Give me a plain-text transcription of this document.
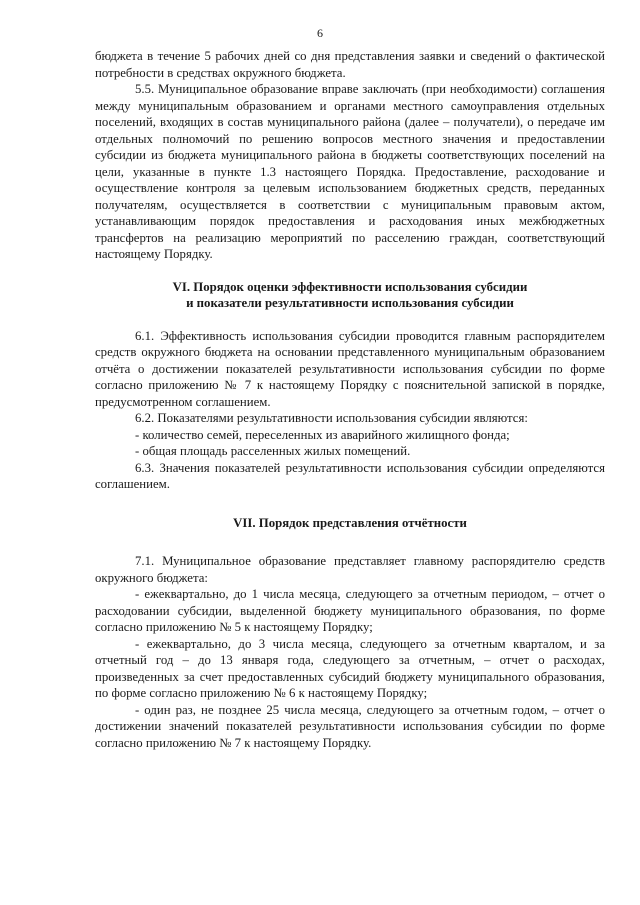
6

бюджета в течение 5 рабочих дней со дня представления заявки и сведений о фактической потребности в средствах окружного бюджета.

5.5. Муниципальное образование вправе заключать (при необходимости) соглашения между муниципальным образованием и органами местного самоуправления отдельных поселений, входящих в состав муниципального района (далее – получатели), о передаче им отдельных полномочий по решению вопросов местного значения и предоставлении субсидии из бюджета муниципального района в бюджеты соответствующих поселений на цели, указанные в пункте 1.3 настоящего Порядка. Предоставление, расходование и осуществление контроля за целевым использованием бюджетных средств, переданных получателям, осуществляется в соответствии с муниципальным правовым актом, устанавливающим порядок предоставления и расходования иных межбюджетных трансфертов на реализацию мероприятий по расселению граждан, соответствующий настоящему Порядку.

VI. Порядок оценки эффективности использования субсидии
и показатели результативности использования субсидии

6.1. Эффективность использования субсидии проводится главным распорядителем средств окружного бюджета на основании представленного муниципальным образованием отчёта о достижении показателей результативности использования субсидии по форме согласно приложению № 7 к настоящему Порядку с пояснительной запиской в порядке, предусмотренном соглашением.

6.2. Показателями результативности использования субсидии являются:

- количество семей, переселенных из аварийного жилищного фонда;

- общая площадь расселенных жилых помещений.

6.3. Значения показателей результативности использования субсидии определяются соглашением.

VII. Порядок представления отчётности

7.1. Муниципальное образование представляет главному распорядителю средств окружного бюджета:

- ежеквартально, до 1 числа месяца, следующего за отчетным периодом, – отчет о расходовании субсидии, выделенной бюджету муниципального образования, по форме согласно приложению № 5 к настоящему Порядку;

- ежеквартально, до 3 числа месяца, следующего за отчетным кварталом, и за отчетный год – до 13 января года, следующего за отчетным, – отчет о расходах, произведенных за счет предоставленных субсидий бюджету муниципального образования, по форме согласно приложению № 6 к настоящему Порядку;

- один раз, не позднее 25 числа месяца, следующего за отчетным годом, – отчет о достижении значений показателей результативности использования субсидии по форме согласно приложению № 7 к настоящему Порядку.
